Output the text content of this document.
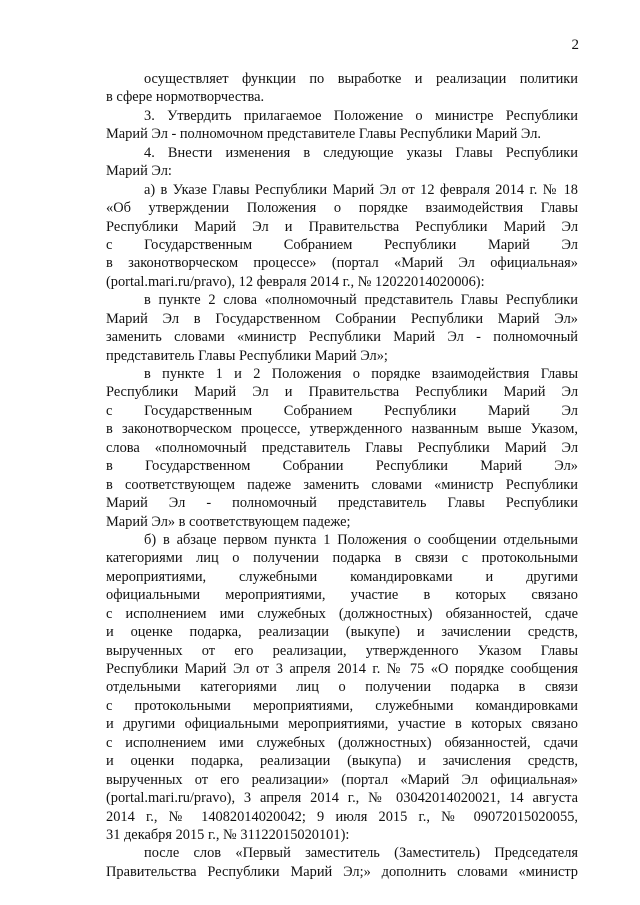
2
осуществляет функции по выработке и реализации политики
в сфере нормотворчества.
3. Утвердить прилагаемое Положение о министре Республики
Марий Эл - полномочном представителе Главы Республики Марий Эл.
4. Внести изменения в следующие указы Главы Республики
Марий Эл:
а) в Указе Главы Республики Марий Эл от 12 февраля 2014 г. № 18
«Об утверждении Положения о порядке взаимодействия Главы
Республики Марий Эл и Правительства Республики Марий Эл
с Государственным Собранием Республики Марий Эл
в законотворческом процессе» (портал «Марий Эл официальная»
(portal.mari.ru/pravo), 12 февраля 2014 г., № 12022014020006):
в пункте 2 слова «полномочный представитель Главы Республики
Марий Эл в Государственном Собрании Республики Марий Эл»
заменить словами «министр Республики Марий Эл - полномочный
представитель Главы Республики Марий Эл»;
в пункте 1 и 2 Положения о порядке взаимодействия Главы
Республики Марий Эл и Правительства Республики Марий Эл
с Государственным Собранием Республики Марий Эл
в законотворческом процессе, утвержденного названным выше Указом,
слова «полномочный представитель Главы Республики Марий Эл
в Государственном Собрании Республики Марий Эл»
в соответствующем падеже заменить словами «министр Республики
Марий Эл - полномочный представитель Главы Республики
Марий Эл» в соответствующем падеже;
б) в абзаце первом пункта 1 Положения о сообщении отдельными
категориями лиц о получении подарка в связи с протокольными
мероприятиями, служебными командировками и другими
официальными мероприятиями, участие в которых связано
с исполнением ими служебных (должностных) обязанностей, сдаче
и оценке подарка, реализации (выкупе) и зачислении средств,
вырученных от его реализации, утвержденного Указом Главы
Республики Марий Эл от 3 апреля 2014 г. № 75 «О порядке сообщения
отдельными категориями лиц о получении подарка в связи
с протокольными мероприятиями, служебными командировками
и другими официальными мероприятиями, участие в которых связано
с исполнением ими служебных (должностных) обязанностей, сдачи
и оценки подарка, реализации (выкупа) и зачисления средств,
вырученных от его реализации» (портал «Марий Эл официальная»
(portal.mari.ru/pravo), 3 апреля 2014 г., № 03042014020021, 14 августа
2014 г., № 14082014020042; 9 июля 2015 г., № 09072015020055,
31 декабря 2015 г., № 31122015020101):
после слов «Первый заместитель (Заместитель) Председателя
Правительства Республики Марий Эл;» дополнить словами «министр
